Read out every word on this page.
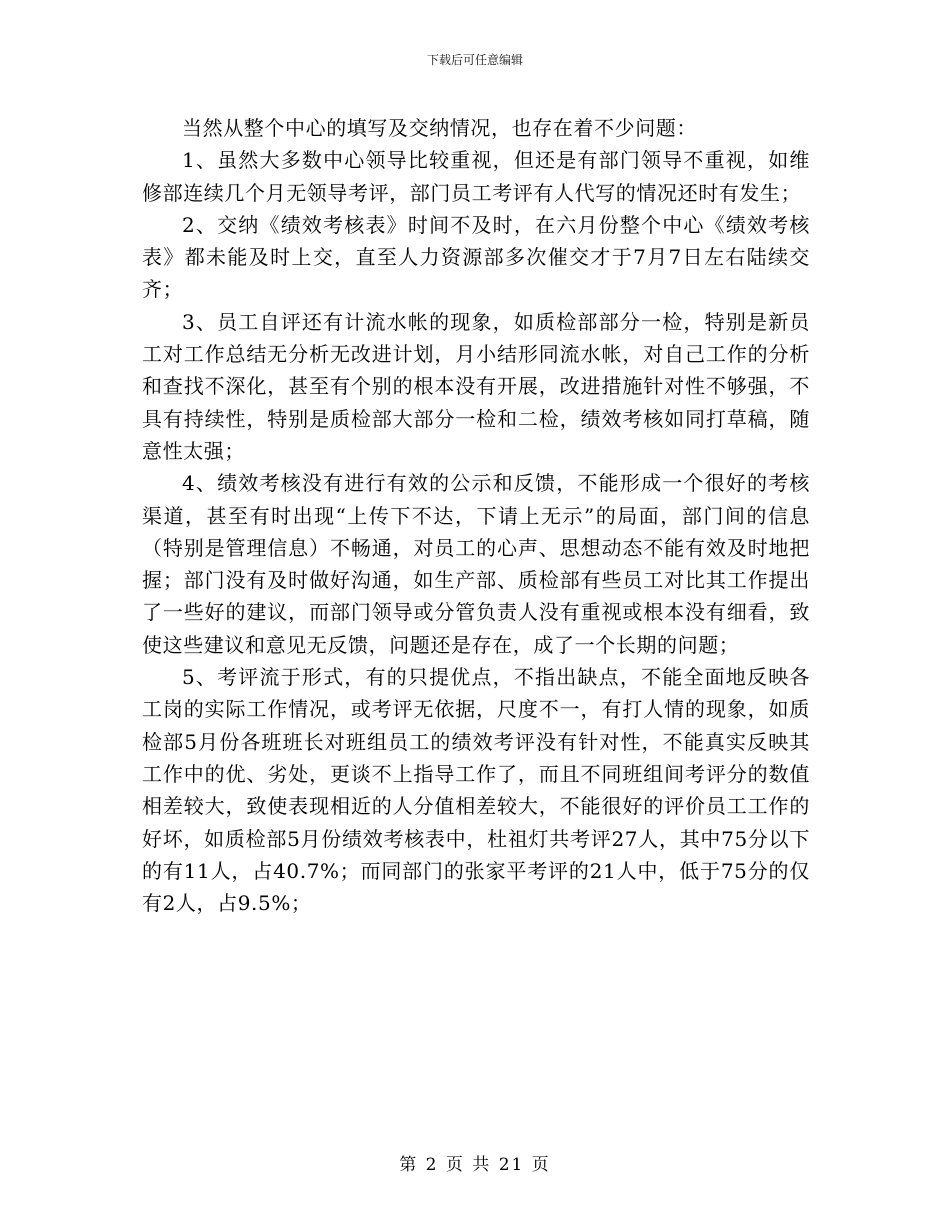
下载后可任意编辑

当然从整个中心的填写及交纳情况，也存在着不少问题：

1、虽然大多数中心领导比较重视，但还是有部门领导不重视，如维修部连续几个月无领导考评，部门员工考评有人代写的情况还时有发生；

2、交纳《绩效考核表》时间不及时，在六月份整个中心《绩效考核表》都未能及时上交，直至人力资源部多次催交才于7月7日左右陆续交齐；

3、员工自评还有计流水帐的现象，如质检部部分一检，特别是新员工对工作总结无分析无改进计划，月小结形同流水帐，对自己工作的分析和查找不深化，甚至有个别的根本没有开展，改进措施针对性不够强，不具有持续性，特别是质检部大部分一检和二检，绩效考核如同打草稿，随意性太强；

4、绩效考核没有进行有效的公示和反馈，不能形成一个很好的考核渠道，甚至有时出现“上传下不达，下请上无示”的局面，部门间的信息（特别是管理信息）不畅通，对员工的心声、思想动态不能有效及时地把握；部门没有及时做好沟通，如生产部、质检部有些员工对比其工作提出了一些好的建议，而部门领导或分管负责人没有重视或根本没有细看，致使这些建议和意见无反馈，问题还是存在，成了一个长期的问题；

5、考评流于形式，有的只提优点，不指出缺点，不能全面地反映各工岗的实际工作情况，或考评无依据，尺度不一，有打人情的现象，如质检部5月份各班班长对班组员工的绩效考评没有针对性，不能真实反映其工作中的优、劣处，更谈不上指导工作了，而且不同班组间考评分的数值相差较大，致使表现相近的人分值相差较大，不能很好的评价员工工作的好坏，如质检部5月份绩效考核表中，杜祖灯共考评27人，其中75分以下的有11人，占40.7%；而同部门的张家平考评的21人中，低于75分的仅有2人，占9.5%；

第 2 页 共 21 页
